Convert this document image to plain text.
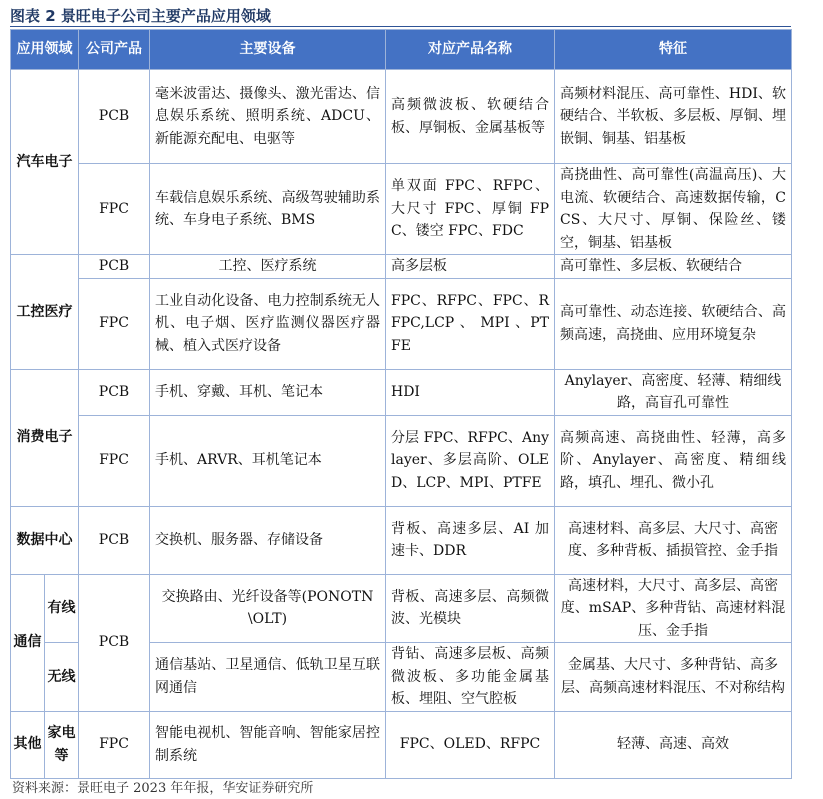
图表 2 景旺电子公司主要产品应用领域
应用领域		公司产品	主要设备	对应产品名称	特征
汽车电子		PCB	毫米波雷达、摄像头、激光雷达、信息娱乐系统、照明系统、ADCU、新能源充配电、电驱等	高频微波板、软硬结合板、厚铜板、金属基板等	高频材料混压、高可靠性、HDI、软硬结合、半软板、多层板、厚铜、埋嵌铜、铜基、铝基板
		FPC	车载信息娱乐系统、高级驾驶辅助系统、车身电子系统、BMS	单双面 FPC、RFPC、大尺寸 FPC、厚铜 FPC、镂空 FPC、FDC	高挠曲性、高可靠性(高温高压)、大电流、软硬结合、高速数据传输，CCS、大尺寸、厚铜、保险丝、镂空，铜基、铝基板
工控医疗		PCB	工控、医疗系统	高多层板	高可靠性、多层板、软硬结合
		FPC	工业自动化设备、电力控制系统无人机、电子烟、医疗监测仪器医疗器械、植入式医疗设备	FPC、RFPC、FPC、RFPC,LCP 、 MPI 、PTFE	高可靠性、动态连接、软硬结合、高频高速，高挠曲、应用环境复杂
消费电子		PCB	手机、穿戴、耳机、笔记本	HDI	Anylayer、高密度、轻薄、精细线路，高盲孔可靠性
		FPC	手机、ARVR、耳机笔记本	分层 FPC、RFPC、Anylayer、多层高阶、OLED、LCP、MPI、PTFE	高频高速、高挠曲性、轻薄，高多阶、Anylayer、高密度、精细线路，填孔、埋孔、微小孔
数据中心		PCB	交换机、服务器、存储设备	背板、高速多层、AI 加速卡、DDR	高速材料、高多层、大尺寸、高密度、多种背板、插损管控、金手指
通信	有线	PCB	交换路由、光纤设备等(PONOTN\OLT)	背板、高速多层、高频微波、光模块	高速材料，大尺寸、高多层、高密度、mSAP、多种背钻、高速材料混压、金手指
	无线		通信基站、卫星通信、低轨卫星互联网通信	背钻、高速多层板、高频微波板、多功能金属基板、埋阻、空气腔板	金属基、大尺寸、多种背钻、高多层、高频高速材料混压、不对称结构
其他	家电等	FPC	智能电视机、智能音响、智能家居控制系统	FPC、OLED、RFPC	轻薄、高速、高效
资料来源：景旺电子 2023 年年报，华安证券研究所
